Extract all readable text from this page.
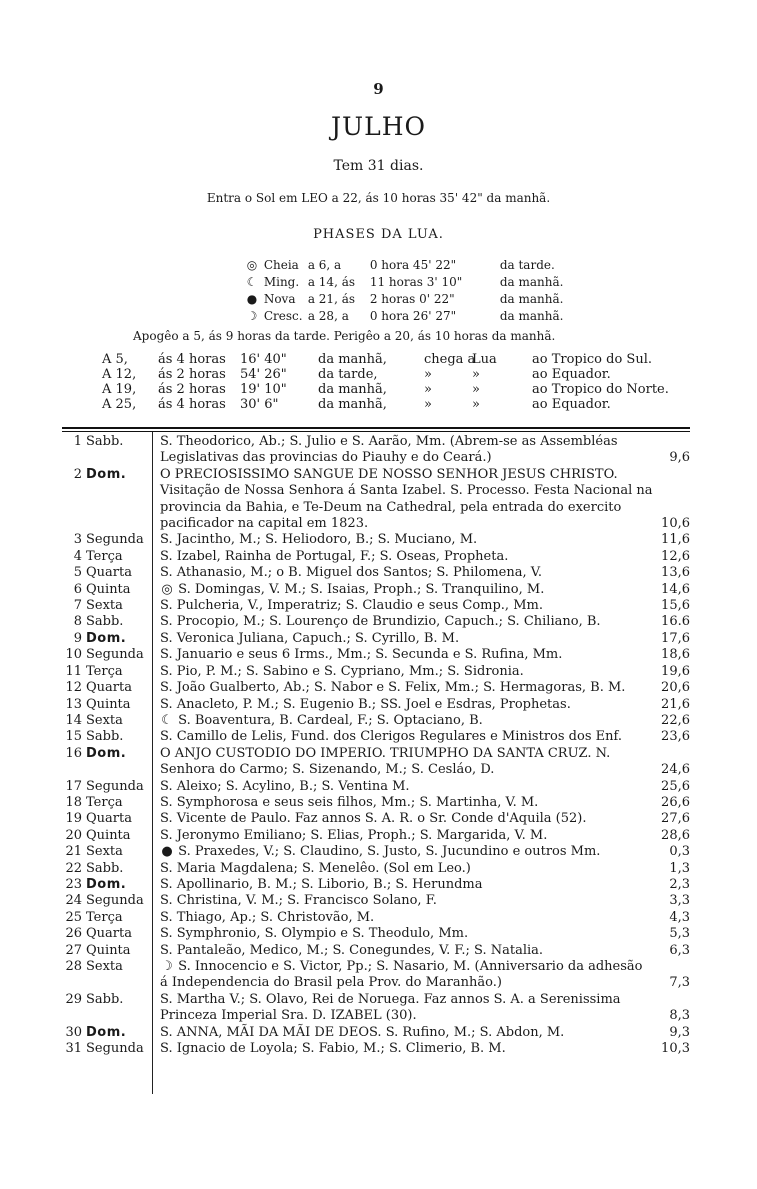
9
JULHO
Tem 31 dias.
Entra o Sol em LEO a 22, ás 10 horas 35' 42" da manhã.
PHASES DA LUA.
◎ Cheia a 6, a 0 hora 45' 22"	da tarde.
☾ Ming. a 14, ás 11 horas 3' 10"	da manhã.
● Nova a 21, ás 2 horas 0' 22"	da manhã.
☽ Cresc. a 28, a 0 hora 26' 27"	da manhã.
Apogêo a 5, ás 9 horas da tarde. Perigêo a 20, ás 10 horas da manhã.
A 5, ás 4 horas 16' 40" da manhã,	chega aLua	ao Tropico do Sul.
A 12, ás 2 horas 54' 26" da tarde,	»	»	ao Equador.
A 19, ás 2 horas 19' 10" da manhã,	»	»	ao Tropico do Norte.
A 25, ás 4 horas 30' 6"	da manhã,	»	»	ao Equador.
1 Sabb.	S. Theodorico, Ab.; S. Julio e S. Aarão, Mm. (Abrem-se as Assembléas Legislativas das provincias do Piauhy e do Ceará.)	9,6
2 Dom.	O PRECIOSISSIMO SANGUE DE NOSSO SENHOR JESUS CHRISTO. Visitação de Nossa Senhora á Santa Izabel. S. Processo. Festa Nacional na provincia da Bahia, e Te-Deum na Cathedral, pela entrada do exercito pacificador na capital em 1823.	10,6
3 Segunda	S. Jacintho, M.; S. Heliodoro, B.; S. Muciano, M.	11,6
4 Terça	S. Izabel, Rainha de Portugal, F.; S. Oseas, Propheta.	12,6
5 Quarta	S. Athanasio, M.; o B. Miguel dos Santos; S. Philomena, V.	13,6
6 Quinta	◎ S. Domingas, V. M.; S. Isaias, Proph.; S. Tranquilino, M.	14,6
7 Sexta	S. Pulcheria, V., Imperatriz; S. Claudio e seus Comp., Mm.	15,6
8 Sabb.	S. Procopio, M.; S. Lourenço de Brundizio, Capuch.; S. Chiliano, B.	16.6
9 Dom.	S. Veronica Juliana, Capuch.; S. Cyrillo, B. M.	17,6
10 Segunda	S. Januario e seus 6 Irms., Mm.; S. Secunda e S. Rufina, Mm.	18,6
11 Terça	S. Pio, P. M.; S. Sabino e S. Cypriano, Mm.; S. Sidronia.	19,6
12 Quarta	S. João Gualberto, Ab.; S. Nabor e S. Felix, Mm.; S. Hermagoras, B. M.	20,6
13 Quinta	S. Anacleto, P. M.; S. Eugenio B.; SS. Joel e Esdras, Prophetas.	21,6
14 Sexta	☾ S. Boaventura, B. Cardeal, F.; S. Optaciano, B.	22,6
15 Sabb.	S. Camillo de Lelis, Fund. dos Clerigos Regulares e Ministros dos Enf.	23,6
16 Dom.	O ANJO CUSTODIO DO IMPERIO. TRIUMPHO DA SANTA CRUZ. N. Senhora do Carmo; S. Sizenando, M.; S. Cesláo, D.	24,6
17 Segunda	S. Aleixo; S. Acylino, B.; S. Ventina M.	25,6
18 Terça	S. Symphorosa e seus seis filhos, Mm.; S. Martinha, V. M.	26,6
19 Quarta	S. Vicente de Paulo. Faz annos S. A. R. o Sr. Conde d'Aquila (52).	27,6
20 Quinta	S. Jeronymo Emiliano; S. Elias, Proph.; S. Margarida, V. M.	28,6
21 Sexta	● S. Praxedes, V.; S. Claudino, S. Justo, S. Jucundino e outros Mm.	0,3
22 Sabb.	S. Maria Magdalena; S. Menelêo. (Sol em Leo.)	1,3
23 Dom.	S. Apollinario, B. M.; S. Liborio, B.; S. Herundma	2,3
24 Segunda	S. Christina, V. M.; S. Francisco Solano, F.	3,3
25 Terça	S. Thiago, Ap.; S. Christovão, M.	4,3
26 Quarta	S. Symphronio, S. Olympio e S. Theodulo, Mm.	5,3
27 Quinta	S. Pantaleão, Medico, M.; S. Conegundes, V. F.; S. Natalia.	6,3
28 Sexta	☽ S. Innocencio e S. Victor, Pp.; S. Nasario, M. (Anniversario da adhesão á Independencia do Brasil pela Prov. do Maranhão.)	7,3
29 Sabb.	S. Martha V.; S. Olavo, Rei de Noruega. Faz annos S. A. a Serenissima Princeza Imperial Sra. D. IZABEL (30).	8,3
30 Dom.	S. ANNA, MÃI DA MÃI DE DEOS. S. Rufino, M.; S. Abdon, M.	9,3
31 Segunda	S. Ignacio de Loyola; S. Fabio, M.; S. Climerio, B. M.	10,3
